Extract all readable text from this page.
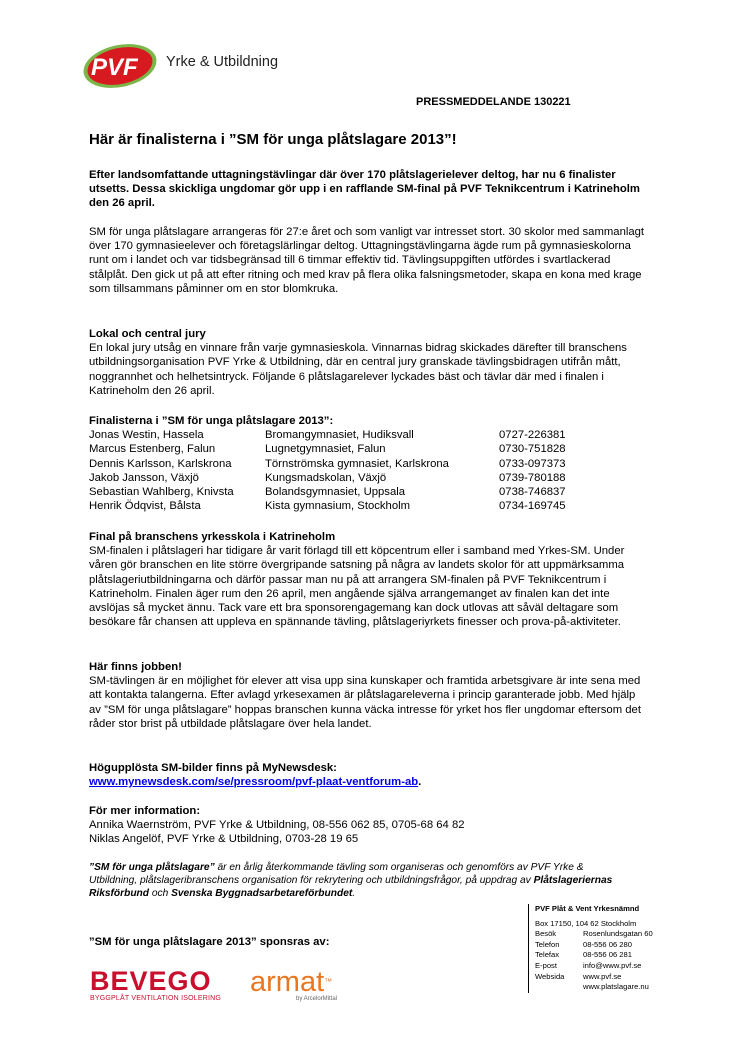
PVF Yrke & Utbildning
PRESSMEDDELANDE 130221
Här är finalisterna i ”SM för unga plåtslagare 2013”!
Efter landsomfattande uttagningstävlingar där över 170 plåtslagerielever deltog, har nu 6 finalister utsetts. Dessa skickliga ungdomar gör upp i en rafflande SM-final på PVF Teknikcentrum i Katrineholm den 26 april.
SM för unga plåtslagare arrangeras för 27:e året och som vanligt var intresset stort. 30 skolor med sammanlagt över 170 gymnasieelever och företagslärlingar deltog. Uttagningstävlingarna ägde rum på gymnasieskolorna runt om i landet och var tidsbegränsad till 6 timmar effektiv tid. Tävlingsuppgiften utfördes i svartlackerad stålplåt. Den gick ut på att efter ritning och med krav på flera olika falsningsmetoder, skapa en kona med krage som tillsammans påminner om en stor blomkruka.
Lokal och central jury
En lokal jury utsåg en vinnare från varje gymnasieskola. Vinnarnas bidrag skickades därefter till branschens utbildningsorganisation PVF Yrke & Utbildning, där en central jury granskade tävlingsbidragen utifrån mått, noggrannhet och helhetsintryck. Följande 6 plåtslagarelever lyckades bäst och tävlar där med i finalen i Katrineholm den 26 april.
Finalisterna i ”SM för unga plåtslagare 2013”:
Jonas Westin, Hassela	Bromangymnasiet, Hudiksvall	0727-226381
Marcus Estenberg, Falun	Lugnetgymnasiet, Falun	0730-751828
Dennis Karlsson, Karlskrona	Törnströmska gymnasiet, Karlskrona	0733-097373
Jakob Jansson, Växjö	Kungsmadskolan, Växjö	0739-780188
Sebastian Wahlberg, Knivsta	Bolandsgymnasiet, Uppsala	0738-746837
Henrik Ödqvist, Bålsta	Kista gymnasium, Stockholm	0734-169745
Final på branschens yrkesskola i Katrineholm
SM-finalen i plåtslageri har tidigare år varit förlagd till ett köpcentrum eller i samband med Yrkes-SM. Under våren gör branschen en lite större övergripande satsning på några av landets skolor för att uppmärksamma plåtslageriutbildningarna och därför passar man nu på att arrangera SM-finalen på PVF Teknikcentrum i Katrineholm. Finalen äger rum den 26 april, men angående själva arrangemanget av finalen kan det inte avslöjas så mycket ännu. Tack vare ett bra sponsorengagemang kan dock utlovas att såväl deltagare som besökare får chansen att uppleva en spännande tävling, plåtslageriyrkets finesser och prova-på-aktiviteter.
Här finns jobben!
SM-tävlingen är en möjlighet för elever att visa upp sina kunskaper och framtida arbetsgivare är inte sena med att kontakta talangerna. Efter avlagd yrkesexamen är plåtslagareleverna i princip garanterade jobb. Med hjälp av ”SM för unga plåtslagare” hoppas branschen kunna väcka intresse för yrket hos fler ungdomar eftersom det råder stor brist på utbildade plåtslagare över hela landet.
Högupplösta SM-bilder finns på MyNewsdesk:
www.mynewsdesk.com/se/pressroom/pvf-plaat-ventforum-ab.
För mer information:
Annika Waernström, PVF Yrke & Utbildning, 08-556 062 85, 0705-68 64 82
Niklas Angelöf, PVF Yrke & Utbildning, 0703-28 19 65
”SM för unga plåtslagare” är en årlig återkommande tävling som organiseras och genomförs av PVF Yrke & Utbildning, plåtslageribranschens organisation för rekrytering och utbildningsfrågor, på uppdrag av Plåtslageriernas Riksförbund och Svenska Byggnadsarbetareförbundet.
”SM för unga plåtslagare 2013” sponsras av:
BEVEGO
BYGGPLÅT VENTILATION ISOLERING
armat™
by ArcelorMittal
PVF Plåt & Vent Yrkesnämnd
Box 17150, 104 62 Stockholm
Besök	Rosenlundsgatan 60
Telefon	08-556 06 280
Telefax	08-556 06 281
E-post	info@www.pvf.se
Websida	www.pvf.se
www.platslagare.nu
